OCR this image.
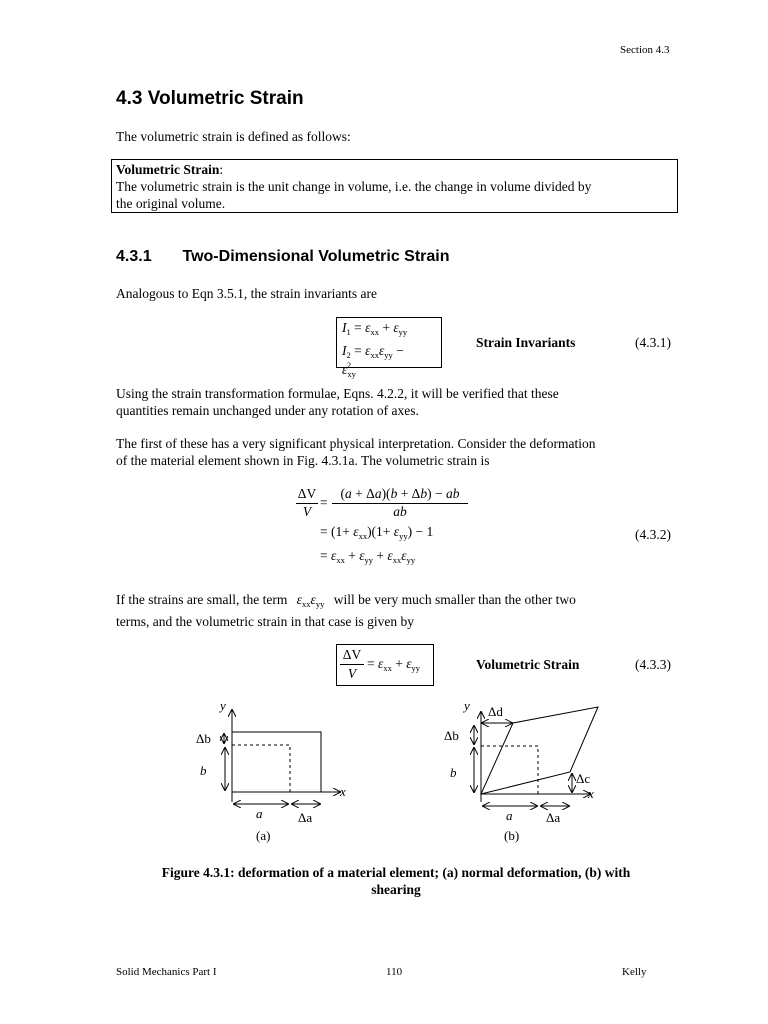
Section 4.3
4.3 Volumetric Strain
The volumetric strain is defined as follows:
Volumetric Strain:
The volumetric strain is the unit change in volume, i.e. the change in volume divided by
the original volume.
4.3.1 Two-Dimensional Volumetric Strain
Analogous to Eqn 3.5.1, the strain invariants are
$I_1 = \varepsilon_{xx} + \varepsilon_{yy}$
$I_2 = \varepsilon_{xx}\varepsilon_{yy} - \varepsilon_{xy}^2$
Strain Invariants	(4.3.1)
Using the strain transformation formulae, Eqns. 4.2.2, it will be verified that these
quantities remain unchanged under any rotation of axes.
The first of these has a very significant physical interpretation. Consider the deformation
of the material element shown in Fig. 4.3.1a. The volumetric strain is
ΔV
V
=
(a + Δa)(b + Δb) − ab
ab
= $(1+ \varepsilon_{xx})(1+ \varepsilon_{yy}) - 1$
= $\varepsilon_{xx} + \varepsilon_{yy} + \varepsilon_{xx}\varepsilon_{yy}$
(4.3.2)
If the strains are small, the term $\varepsilon_{xx}\varepsilon_{yy}$ will be very much smaller than the other two
terms, and the volumetric strain in that case is given by
ΔV
V
= $\varepsilon_{xx} + \varepsilon_{yy}$	Volumetric Strain	(4.3.3)
y
x
b
Δb
a	Δa
(a)
y
x
b
Δb
Δd
Δc
a	Δa
(b)
Figure 4.3.1: deformation of a material element; (a) normal deformation, (b) with
shearing
Solid Mechanics Part I	110	Kelly
